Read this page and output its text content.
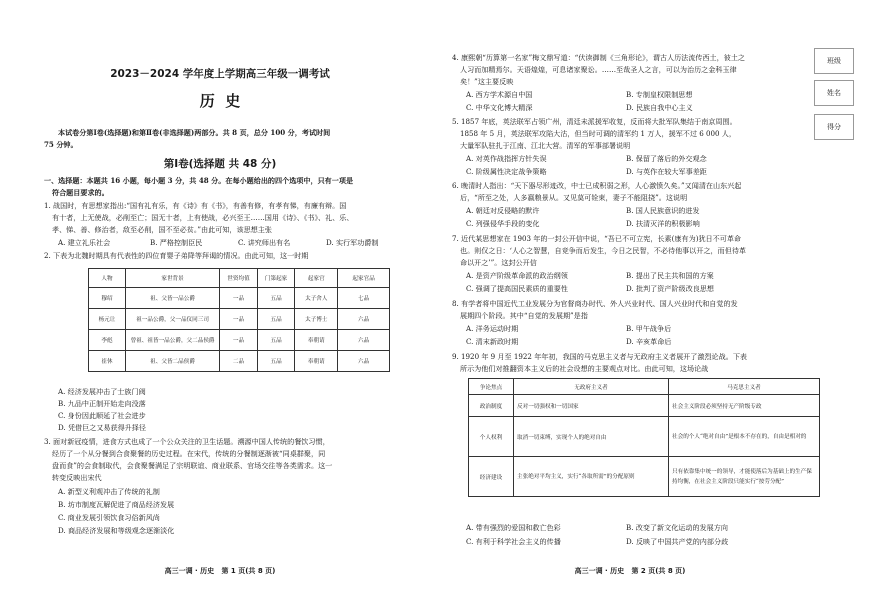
2023－2024 学年度上学期高三年级一调考试
历  史
本试卷分第Ⅰ卷(选择题)和第Ⅱ卷(非选择题)两部分。共 8 页，总分 100 分，考试时间
75 分钟。
第Ⅰ卷(选择题 共 48 分)
一、选择题：本题共 16 小题，每小题 3 分，共 48 分。在每小题给出的四个选项中，只有一项是
符合题目要求的。
1. 战国时，有思想家指出:“国有礼有乐，有《诗》有《书》，有善有修，有孝有悌，有廉有辩。国
有十者，上无使战，必削至亡；国无十者，上有使战，必兴至王……国用《诗》、《书》、礼、乐、
孝、悌、善、修治者，敌至必削，国不至必贫。”由此可知，该思想主张
A. 建立礼乐社会	B. 严格控制臣民	C. 讲究师出有名	D. 实行军功爵制
2. 下表为北魏时期具有代表性的四位育婴子弟降等拜谒的情况。由此可知，这一时期
人物	家世背景	世资均值	门第起家	起家官	起家官品
穆绍	祖、父皆一品公爵	一品	五品	太子舍人	七品
杨元让	祖一品公爵，父一品仪同三司	一品	五品	太子博士	六品
李彪	曾祖、祖皆一品公爵，父二品侯爵	一品	五品	奉朝请	六品
崔休	祖、父皆二品侯爵	二品	五品	奉朝请	六品
A. 经济发展冲击了士族门阀
B. 九品中正制开始走向没落
C. 身份因此顺延了社会进步
D. 凭借巨之又易获得升择径
3. 面对新冠疫情，进食方式也成了一个公众关注的卫生话题。溯源中国人传统的餐饮习惯，
经历了一个从分餐到合食聚餐的历史过程。在宋代，传统的分餐制逐渐被“同桌群聚，同
盘而食”的会食制取代，会食聚餐满足了宗明联谊、商业联系、官场交往等各类需求。这一
转变反映出宋代
A. 新型义利观冲击了传统的礼制
B. 坊市制度瓦解促进了商品经济发展
C. 商业发展引领饮食习俗新风尚
D. 商品经济发展和等级观念逐渐淡化
高三一调 · 历史   第 1 页(共 8 页)
4. 康熙朝“历算第一名家”梅文鼎写道：“伏读御制《三角形论》，谓古人历法流传西土，彼土之
人习而加精焉尔。天语煌煌，可息诸家聚讼。……至哉圣人之言，可以为治历之金科玉律
矣！”这主要反映
A. 西方学术源自中国	B. 专制皇权限制思想
C. 中华文化博大精深	D. 民族自我中心主义
5. 1857 年底，英法联军占领广州，清廷未派援军收复，反而将大批军队集结于南京周围。
1858 年 5 月，英法联军攻陷大沽，但当时可调的清军约 1 万人，援军不过 6 000 人，
大量军队驻扎于江南、江北大营。清军的军事部署说明
A. 对英作战指挥方针失误	B. 保留了落后的外交观念
C. 阶级属性决定战争策略	D. 与英作在较大军事差距
6. 晚清时人指出：“天下器尽形迹改，中士已成积弱之形，人心激愤久矣。”又闻清在山东兴起
后，“所至之处，人多嬴粮景从。又见莫可铨束，妻子不能阻挠”。这说明
A. 朝廷对反侵略的默许	B. 国人民族意识的进发
C. 列强侵华手段的变化	D. 扶清灭洋的积极影响
7. 近代某思想家在 1903 年的一封公开信中说，“吾已不可立宪，长素(康有为)犹日不可革命
也。则仅之日：‘人心之智慧，自竞争而后发生，今日之民智，不必待他事以开之，而但待革
命以开之’”。这封公开信
A. 是资产阶级革命派的政治纲领	B. 提出了民主共和国的方案
C. 强调了提高国民素质的重要性	D. 批判了资产阶级改良思想
8. 有学者将中国近代工业发展分为官督商办时代、外人兴业时代、国人兴业时代和自觉的发
展期四个阶段。其中“自觉的发展期”是指
A. 洋务运动时期	B. 甲午战争后
C. 清末新政时期	D. 辛亥革命后
9. 1920 年 9 月至 1922 年年初，我国的马克思主义者与无政府主义者展开了激烈论战。下表
所示为他们对推翻资本主义后的社会设想的主要观点对比。由此可知，这场论战
争论焦点	无政府主义者	马克思主义者
政治制度	反对一切强权和一切国家	社会主义阶段必须坚持无产阶级专政
个人权利	取消一切束缚，实现个人的绝对自由	社会的个人“绝对自由”是根本不存在的，自由是相对的
经济建设	主张绝对平均主义，实行“各取所需”的分配原则	只有依靠集中统一的领导，才能使落后为基础上的生产保持均衡，在社会主义阶段只能实行“按劳分配”
A. 带有强烈的爱国和救亡色彩	B. 改变了新文化运动的发展方向
C. 有利于科学社会主义的传播	D. 反映了中国共产党的内部分歧
高三一调 · 历史   第 2 页(共 8 页)
班级
姓名
得分
